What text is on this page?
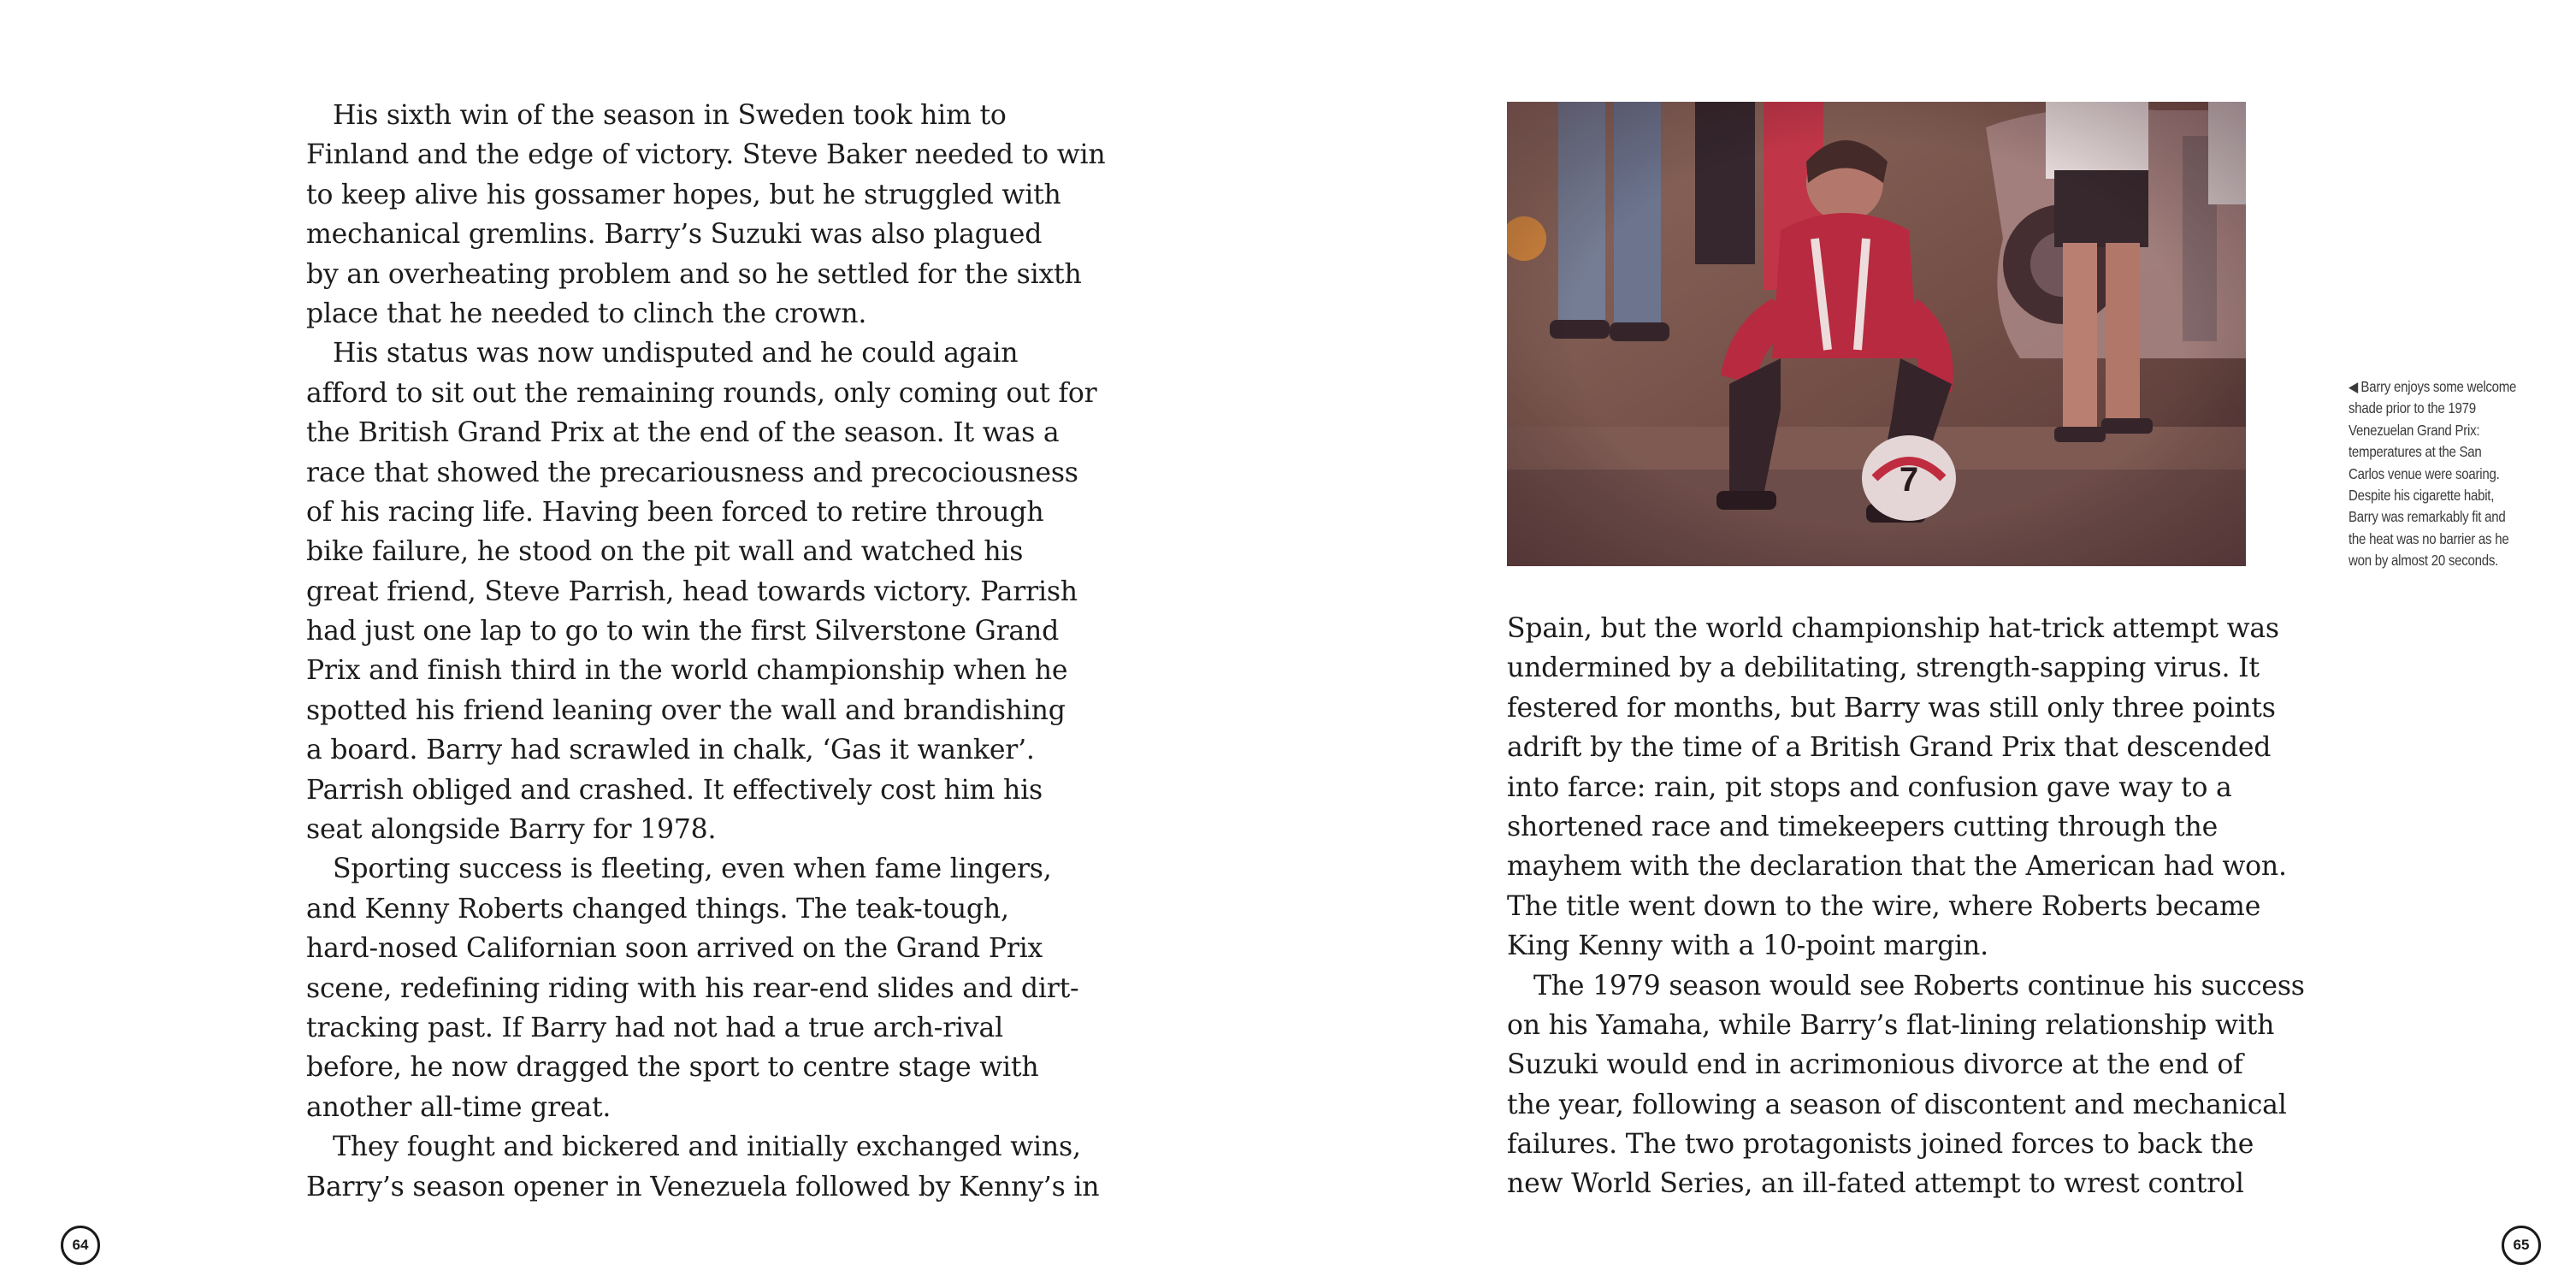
His sixth win of the season in Sweden took him to
Finland and the edge of victory. Steve Baker needed to win
to keep alive his gossamer hopes, but he struggled with
mechanical gremlins. Barry’s Suzuki was also plagued
by an overheating problem and so he settled for the sixth
place that he needed to clinch the crown.
His status was now undisputed and he could again
afford to sit out the remaining rounds, only coming out for
the British Grand Prix at the end of the season. It was a
race that showed the precariousness and precociousness
of his racing life. Having been forced to retire through
bike failure, he stood on the pit wall and watched his
great friend, Steve Parrish, head towards victory. Parrish
had just one lap to go to win the first Silverstone Grand
Prix and finish third in the world championship when he
spotted his friend leaning over the wall and brandishing
a board. Barry had scrawled in chalk, ‘Gas it wanker’.
Parrish obliged and crashed. It effectively cost him his
seat alongside Barry for 1978.
Sporting success is fleeting, even when fame lingers,
and Kenny Roberts changed things. The teak-tough,
hard-nosed Californian soon arrived on the Grand Prix
scene, redefining riding with his rear-end slides and dirt-
tracking past. If Barry had not had a true arch-rival
before, he now dragged the sport to centre stage with
another all-time great.
They fought and bickered and initially exchanged wins,
Barry’s season opener in Venezuela followed by Kenny’s in
◀ Barry enjoys some welcome
shade prior to the 1979
Venezuelan Grand Prix:
temperatures at the San
Carlos venue were soaring.
Despite his cigarette habit,
Barry was remarkably fit and
the heat was no barrier as he
won by almost 20 seconds.
Spain, but the world championship hat-trick attempt was
undermined by a debilitating, strength-sapping virus. It
festered for months, but Barry was still only three points
adrift by the time of a British Grand Prix that descended
into farce: rain, pit stops and confusion gave way to a
shortened race and timekeepers cutting through the
mayhem with the declaration that the American had won.
The title went down to the wire, where Roberts became
King Kenny with a 10-point margin.
The 1979 season would see Roberts continue his success
on his Yamaha, while Barry’s flat-lining relationship with
Suzuki would end in acrimonious divorce at the end of
the year, following a season of discontent and mechanical
failures. The two protagonists joined forces to back the
new World Series, an ill-fated attempt to wrest control
64	65
